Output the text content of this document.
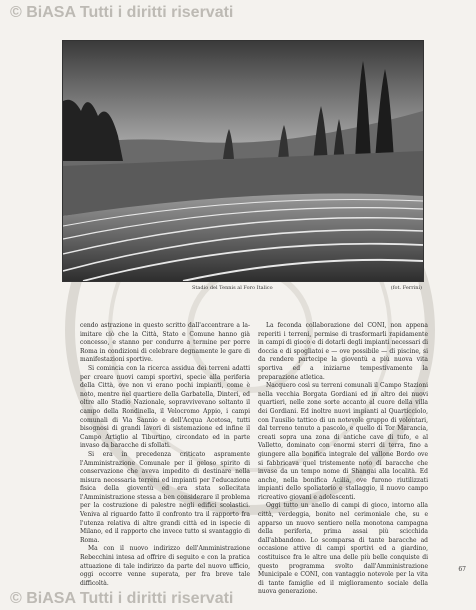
© BiASA Tutti i diritti riservati
© BiASA Tutti i diritti riservati
Stadio del Tennis al Foro Italico	(fot. Ferrini)

cendo astrazione in questo scritto dall'accentrare a la- imitare ciò che la Città, Stato e Comune hanno già concesso, e stanno per condurre a termine per porre Roma in condizioni di celebrare degnamente le gare di manifestazioni sportive.

Si comincia con la ricerca assidua dei terreni adatti per creare nuovi campi sportivi, specie alla periferia della Città, ove non vi erano pochi impianti, come è noto, mentre nel quartiere della Garbatella, Dinteri, ed oltre allo Stadio Nazionale, sopravvivevano soltanto il campo della Rondinella, il Velocromo Appio, i campi comunali di Via Sannio e dell'Acqua Acetosa, tutti bisognosi di grandi lavori di sistemazione ed infine il Campo Artiglio al Tiburtino, circondato ed in parte invaso da baracche di sfollati.

Si era in precedenza criticato aspramente l'Amministrazione Comunale per il geloso spirito di conservazione che aveva impedito di destinare nella misura necessaria terreni ed impianti per l'educazione fisica della gioventù ed era stata sollecitata l'Amministrazione stessa a ben considerare il problema per la costruzione di palestre negli edifici scolastici. Veniva al riguardo fatto il confronto tra il rapporto fra l'utenza relativa di altre grandi città ed in ispecie di Milano, ed il rapporto che invece tutto si svantaggio di Roma.

Ma con il nuovo indirizzo dell'Amministrazione Rebecchini intesa ad offrire di seguito e con la pratica attuazione di tale indirizzo da parte del nuovo ufficio, oggi occorre venne superata, per fra breve tale difficoltà.

La feconda collaborazione del CONI, non appena reperiti i terreni, permise di trasformarli rapidamente in campi di gioco e di dotarli degli impianti necessari di doccia e di spogliatoi e — ove possibile — di piscine, si da rendere partecipe la gioventù a più nuova vita sportiva ed a iniziarne tempestivamente la preparazione atletica.

Nacquero così su terreni comunali il Campo Stazioni nella vecchia Borgata Gordiani ed in altro dei nuovi quartieri, nelle zone sorte accanto al cuore della villa dei Gordiani. Ed inoltre nuovi impianti al Quarticciolo, con l'ausilio tattico di un notevole gruppo di volontari, dal terreno tenuto a pascolo, e quello di Tor Marancia, creati sopra una zona di antiche cave di tufo, e al Valletto, dominato con enormi sterri di terra, fino a giungere alla bonifica integrale del vallone Bordo ove si fabbricava quel tristemente noto di baracche che invase da un tempo nome di Shangai alla località. Ed anche, nella bonifica Acilia, ove furono riutilizzati impianti dello spoliatorio e stallaggio, il nuovo campo ricreativo giovani e adolescenti.

Oggi tutto un anello di campi di gioco, intorno alla città, verdeggia, bonito nel cerimoniale che, su e apparso un nuovo sentiero nella monotona campagna della periferia, prima assai più scicchida dall'abbandono. Lo scomparsa di tante baracche ad occasione attive di campi sportivi ed a giardino, costituisce fra le altre una delle più belle conquiste di questo programma svolto dall'Amministrazione Municipale e CONI, con vantaggio notevole per la vita di tante famiglie ed il miglioramento sociale della nuova generazione.

67
